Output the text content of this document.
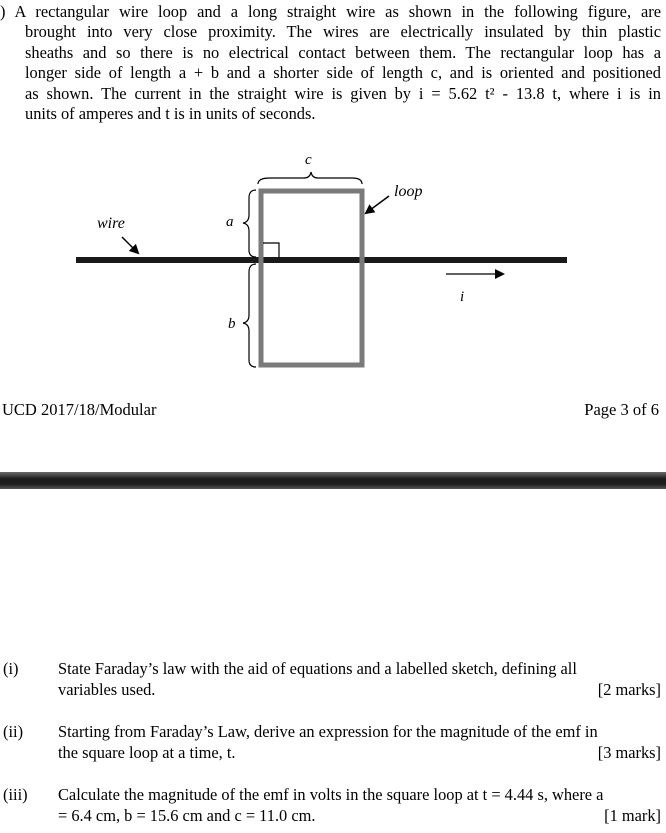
) A rectangular wire loop and a long straight wire as shown in the following figure, are
brought into very close proximity. The wires are electrically insulated by thin plastic
sheaths and so there is no electrical contact between them. The rectangular loop has a
longer side of length a + b and a shorter side of length c, and is oriented and positioned
as shown. The current in the straight wire is given by i = 5.62 t² - 13.8 t, where i is in
units of amperes and t is in units of seconds.
wire
loop
a
b
c
i
UCD 2017/18/Modular	Page 3 of 6
(i) State Faraday’s law with the aid of equations and a labelled sketch, defining all
variables used.	[2 marks]
(ii) Starting from Faraday’s Law, derive an expression for the magnitude of the emf in
the square loop at a time, t.	[3 marks]
(iii) Calculate the magnitude of the emf in volts in the square loop at t = 4.44 s, where a
= 6.4 cm, b = 15.6 cm and c = 11.0 cm.	[1 mark]
